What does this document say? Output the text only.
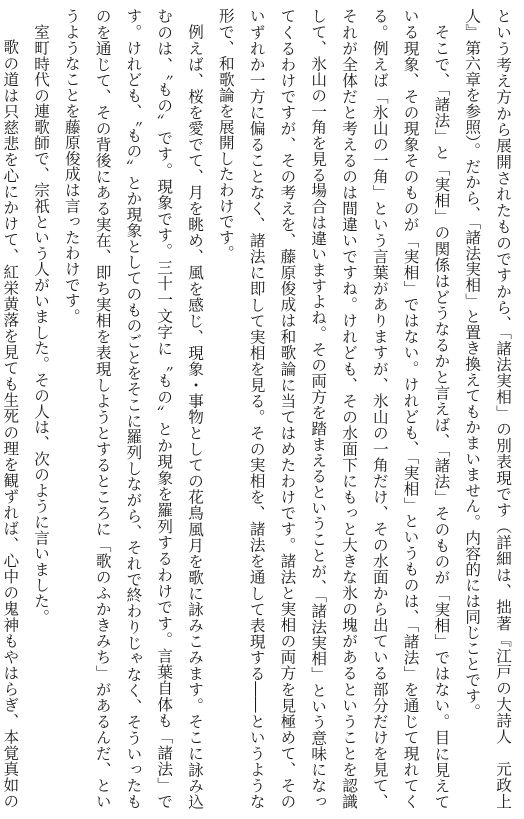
という考え方から展開されたものですから、「諸法実相」の別表現です（詳細は、拙著『江戸の大詩人　元政上人』第六章を参照）。だから、「諸法実相」と置き換えてもかまいません。内容的には同じことです。

そこで、「諸法」と「実相」の関係はどうなるかと言えば、「諸法」そのものが「実相」ではない。目に見えている現象、その現象そのものが「実相」ではない。けれども、「実相」というものは、「諸法」を通じて現れてくる。例えば「氷山の一角」という言葉がありますが、氷山の一角だけ、その水面から出ている部分だけを見て、それが全体だと考えるのは間違いですね。けれども、その水面下にもっと大きな氷の塊があるということを認識して、氷山の一角を見る場合は違いますよね。その両方を踏まえるということが、「諸法実相」という意味になってくるわけですが、その考えを、藤原俊成は和歌論に当てはめたわけです。諸法と実相の両方を見極めて、そのいずれか一方に偏ることなく、諸法に即して実相を見る。その実相を、諸法を通して表現する――というような形で、和歌論を展開したわけです。

例えば、桜を愛でて、月を眺め、風を感じ、現象・事物としての花鳥風月を歌に詠みこみます。そこに詠み込むのは、〝もの〟です。現象です。三十一文字に〝もの〟とか現象を羅列するわけです。言葉自体も「諸法」です。けれども、〝もの〟とか現象としてのものごとをそこに羅列しながら、それで終わりじゃなく、そういったものを通じて、その背後にある実在、即ち実相を表現しようとするところに「歌のふかきみち」があるんだ、というようなことを藤原俊成は言ったわけです。

室町時代の連歌師で、宗祇という人がいました。その人は、次のように言いました。

歌の道は只慈悲を心にかけて、紅栄黄落を見ても生死の理を観ずれば、心中の鬼神もやはらぎ、本覚真如の
